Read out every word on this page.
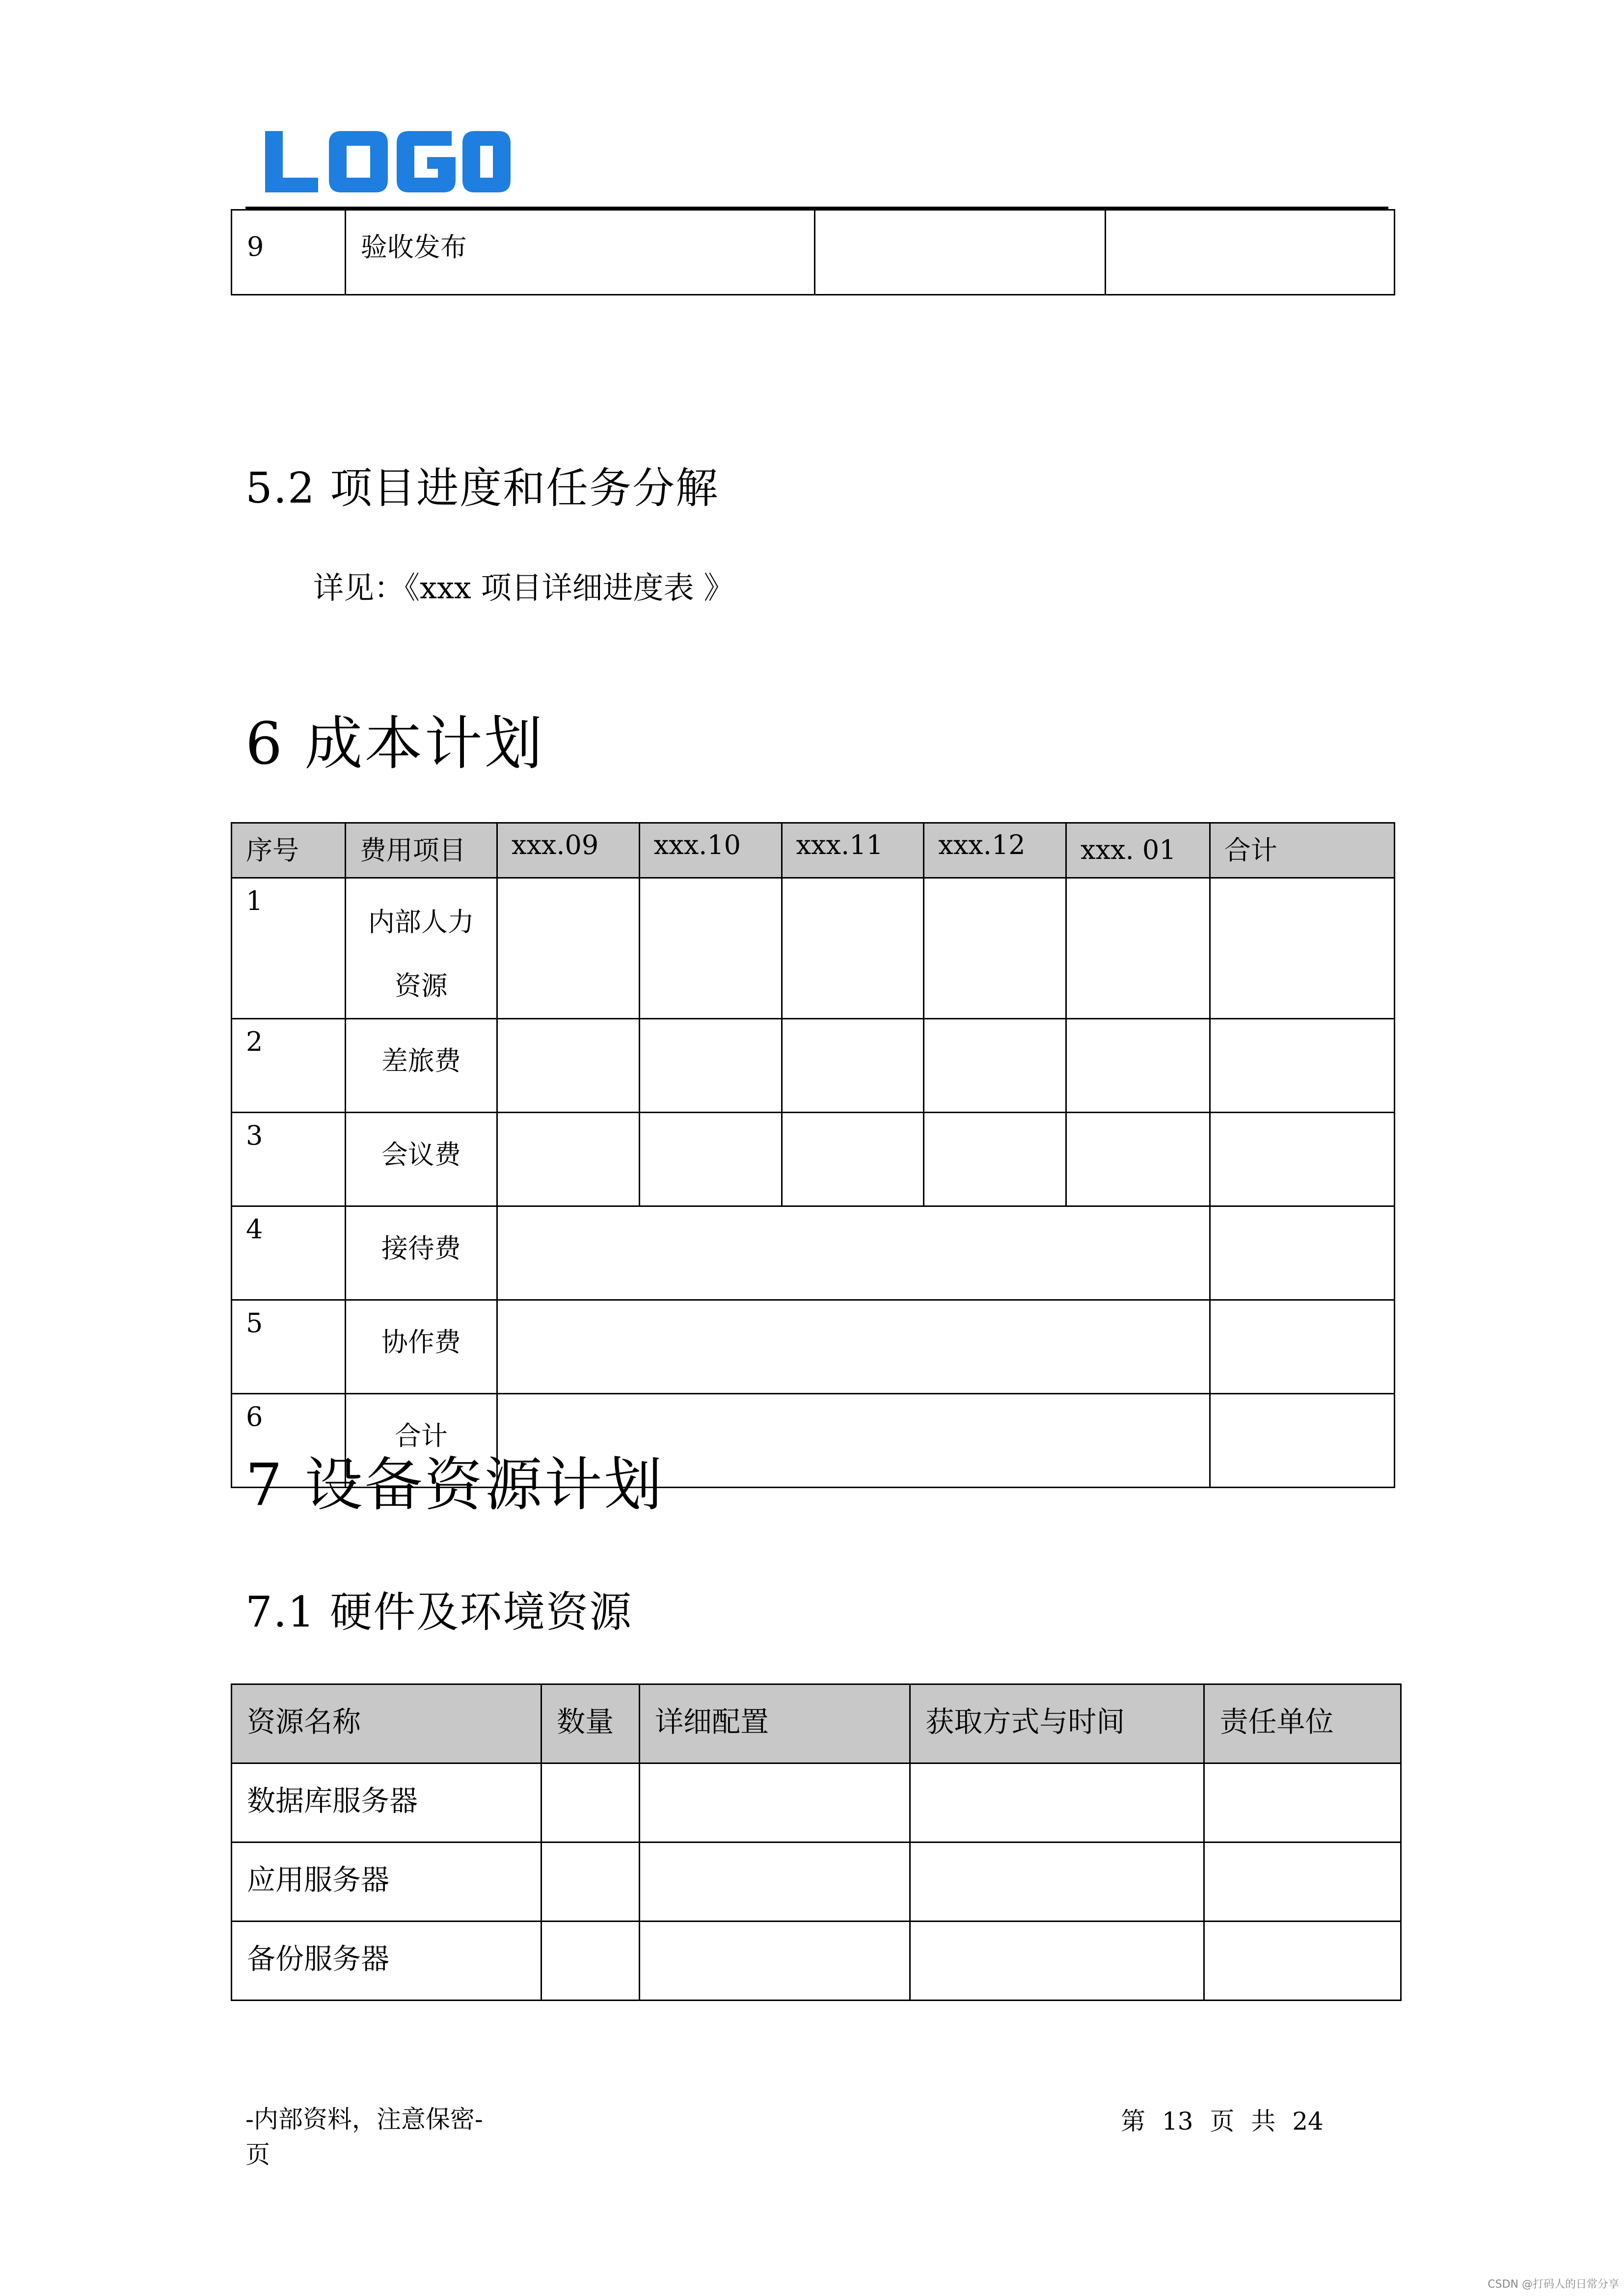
9	验收发布		
5.2 项目进度和任务分解
详见：《xxx 项目详细进度表 》
6 成本计划
序号	费用项目	xxx.09	xxx.10	xxx.11	xxx.12	xxx. 01	合计
1	内部人力
资源						

2	差旅费						
3	会议费						
4	接待费						
5	协作费						
6	合计						
7 设备资源计划
7.1 硬件及环境资源
资源名称	数量	详细配置	获取方式与时间	责任单位
数据库服务器				
应用服务器				
备份服务器				
-内部资料，注意保密-
页
第 13 页 共 24
CSDN @打码人的日常分享
